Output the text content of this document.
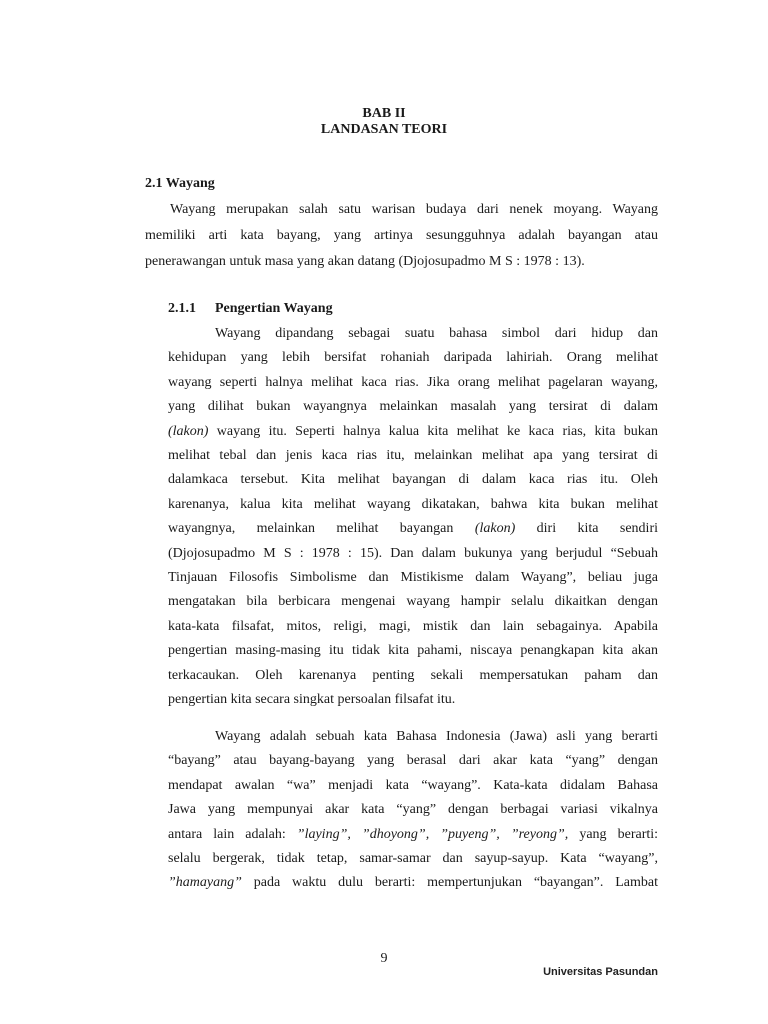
BAB II
LANDASAN TEORI
2.1 Wayang
Wayang merupakan salah satu warisan budaya dari nenek moyang. Wayang
memiliki arti kata bayang, yang artinya sesungguhnya adalah bayangan atau
penerawangan untuk masa yang akan datang (Djojosupadmo M S : 1978 : 13).
2.1.1 Pengertian Wayang
Wayang dipandang sebagai suatu bahasa simbol dari hidup dan
kehidupan yang lebih bersifat rohaniah daripada lahiriah. Orang melihat
wayang seperti halnya melihat kaca rias. Jika orang melihat pagelaran wayang,
yang dilihat bukan wayangnya melainkan masalah yang tersirat di dalam
(lakon) wayang itu. Seperti halnya kalua kita melihat ke kaca rias, kita bukan
melihat tebal dan jenis kaca rias itu, melainkan melihat apa yang tersirat di
dalamkaca tersebut. Kita melihat bayangan di dalam kaca rias itu. Oleh
karenanya, kalua kita melihat wayang dikatakan, bahwa kita bukan melihat
wayangnya, melainkan melihat bayangan (lakon) diri kita sendiri
(Djojosupadmo M S : 1978 : 15). Dan dalam bukunya yang berjudul “Sebuah
Tinjauan Filosofis Simbolisme dan Mistikisme dalam Wayang”, beliau juga
mengatakan bila berbicara mengenai wayang hampir selalu dikaitkan dengan
kata-kata filsafat, mitos, religi, magi, mistik dan lain sebagainya. Apabila
pengertian masing-masing itu tidak kita pahami, niscaya penangkapan kita akan
terkacaukan. Oleh karenanya penting sekali mempersatukan paham dan
pengertian kita secara singkat persoalan filsafat itu.
Wayang adalah sebuah kata Bahasa Indonesia (Jawa) asli yang berarti
“bayang” atau bayang-bayang yang berasal dari akar kata “yang” dengan
mendapat awalan “wa” menjadi kata “wayang”. Kata-kata didalam Bahasa
Jawa yang mempunyai akar kata “yang” dengan berbagai variasi vikalnya
antara lain adalah: ”laying”, ”dhoyong”, ”puyeng”, ”reyong”, yang berarti:
selalu bergerak, tidak tetap, samar-samar dan sayup-sayup. Kata “wayang”,
”hamayang” pada waktu dulu berarti: mempertunjukan “bayangan”. Lambat
9
Universitas Pasundan
